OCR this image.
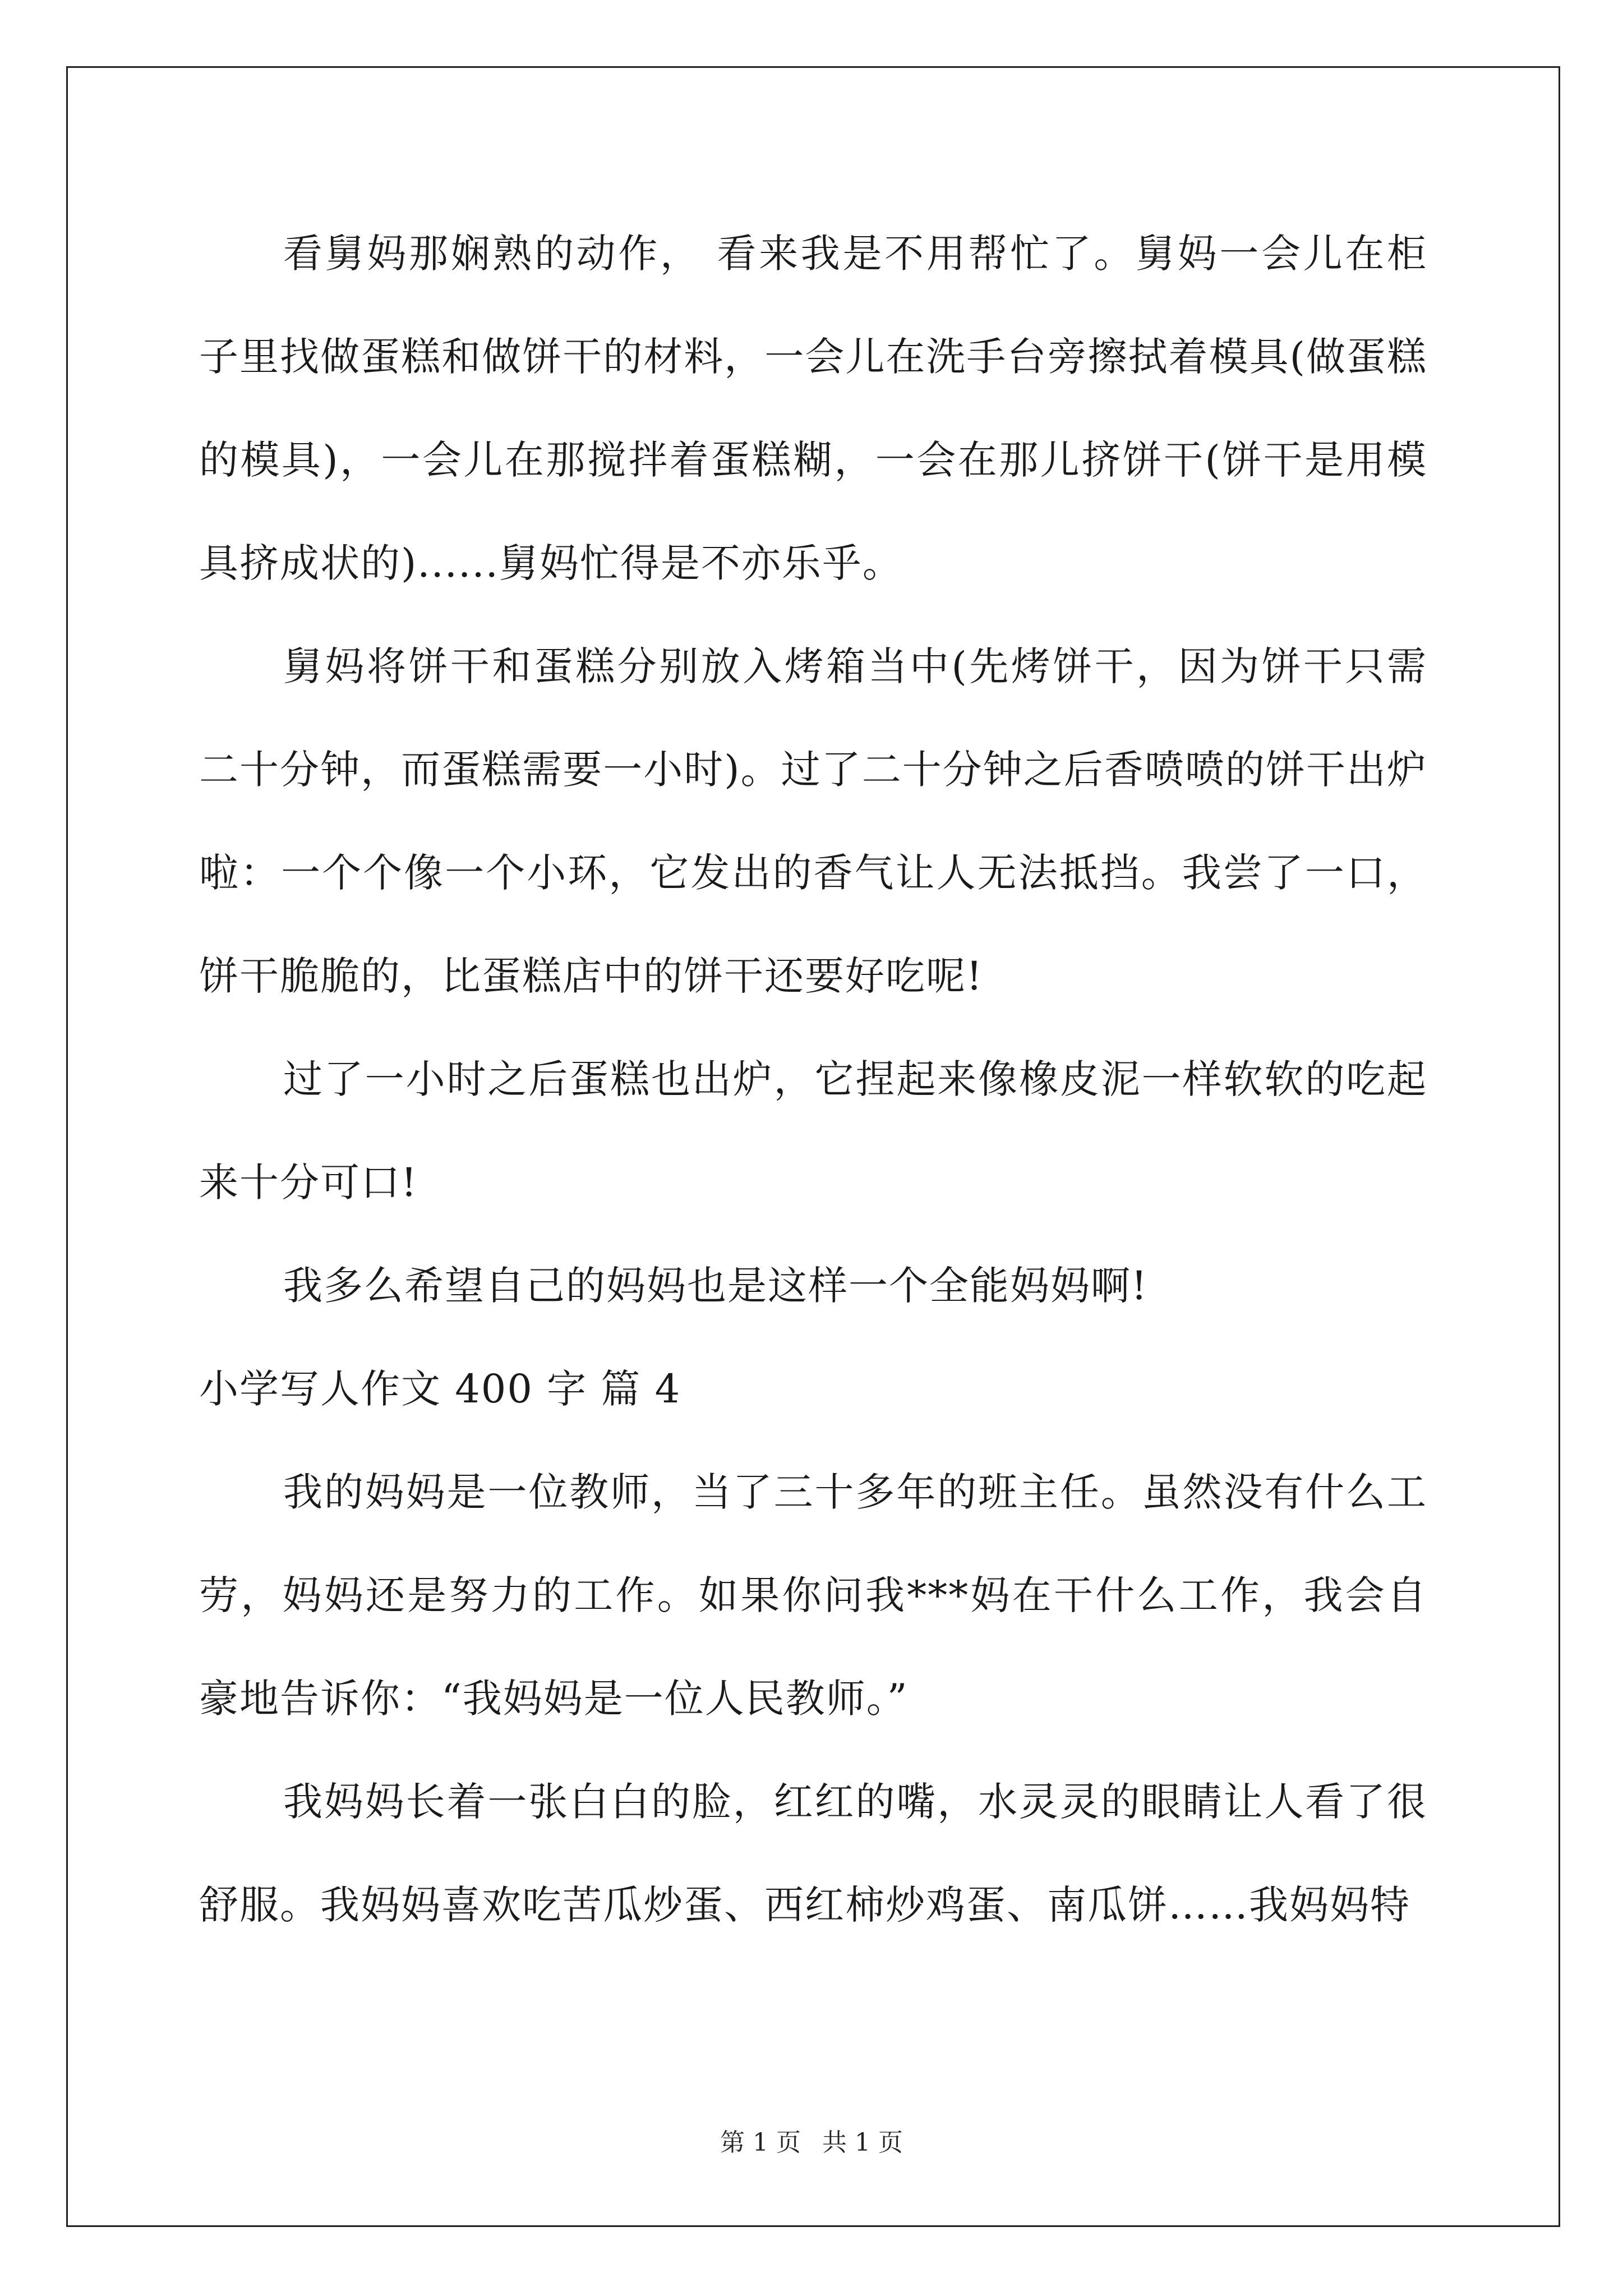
看舅妈那娴熟的动作， 看来我是不用帮忙了。舅妈一会儿在柜子里找做蛋糕和做饼干的材料，一会儿在洗手台旁擦拭着模具(做蛋糕的模具)，一会儿在那搅拌着蛋糕糊，一会在那儿挤饼干(饼干是用模具挤成状的)......舅妈忙得是不亦乐乎。

舅妈将饼干和蛋糕分别放入烤箱当中(先烤饼干，因为饼干只需二十分钟，而蛋糕需要一小时)。过了二十分钟之后香喷喷的饼干出炉啦：一个个像一个小环，它发出的香气让人无法抵挡。我尝了一口，饼干脆脆的，比蛋糕店中的饼干还要好吃呢!

过了一小时之后蛋糕也出炉，它捏起来像橡皮泥一样软软的吃起来十分可口!

我多么希望自己的妈妈也是这样一个全能妈妈啊!

小学写人作文 400 字 篇 4

我的妈妈是一位教师，当了三十多年的班主任。虽然没有什么工劳，妈妈还是努力的工作。如果你问我***妈在干什么工作，我会自豪地告诉你：“我妈妈是一位人民教师。”

我妈妈长着一张白白的脸，红红的嘴，水灵灵的眼睛让人看了很舒服。我妈妈喜欢吃苦瓜炒蛋、西红柿炒鸡蛋、南瓜饼……我妈妈特

第 1 页 共 1 页
